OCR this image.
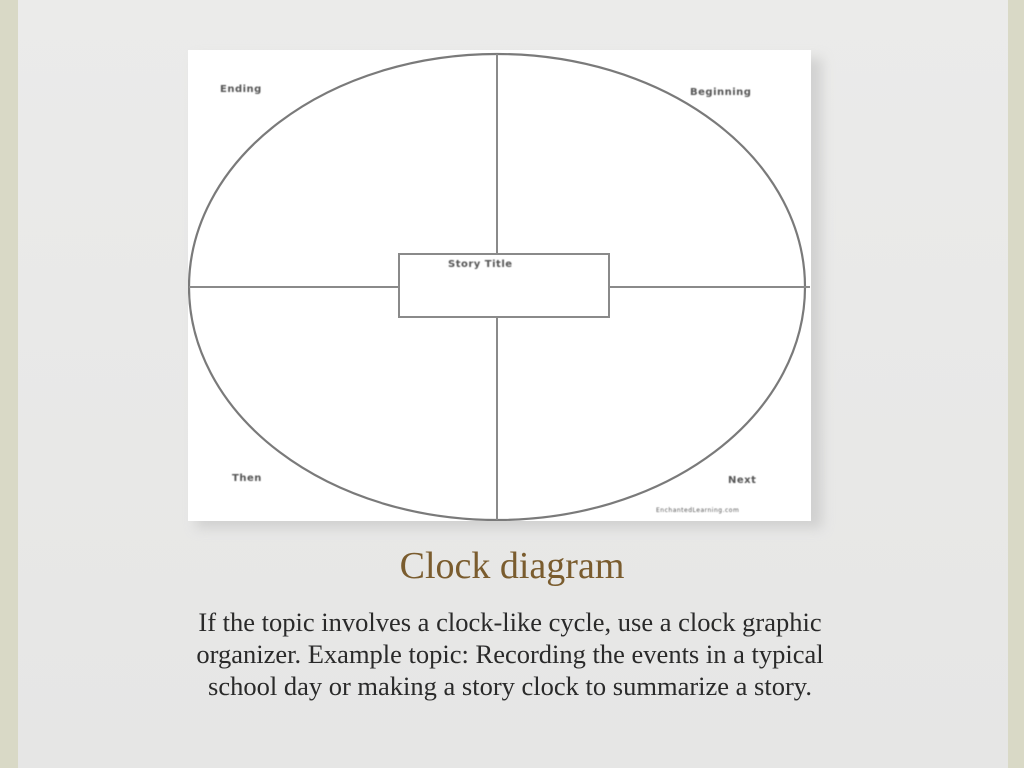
Story Title
Ending	Beginning
Then	Next
EnchantedLearning.com
Clock diagram
If the topic involves a clock-like cycle, use a clock graphic organizer. Example topic: Recording the events in a typical school day or making a story clock to summarize a story.
